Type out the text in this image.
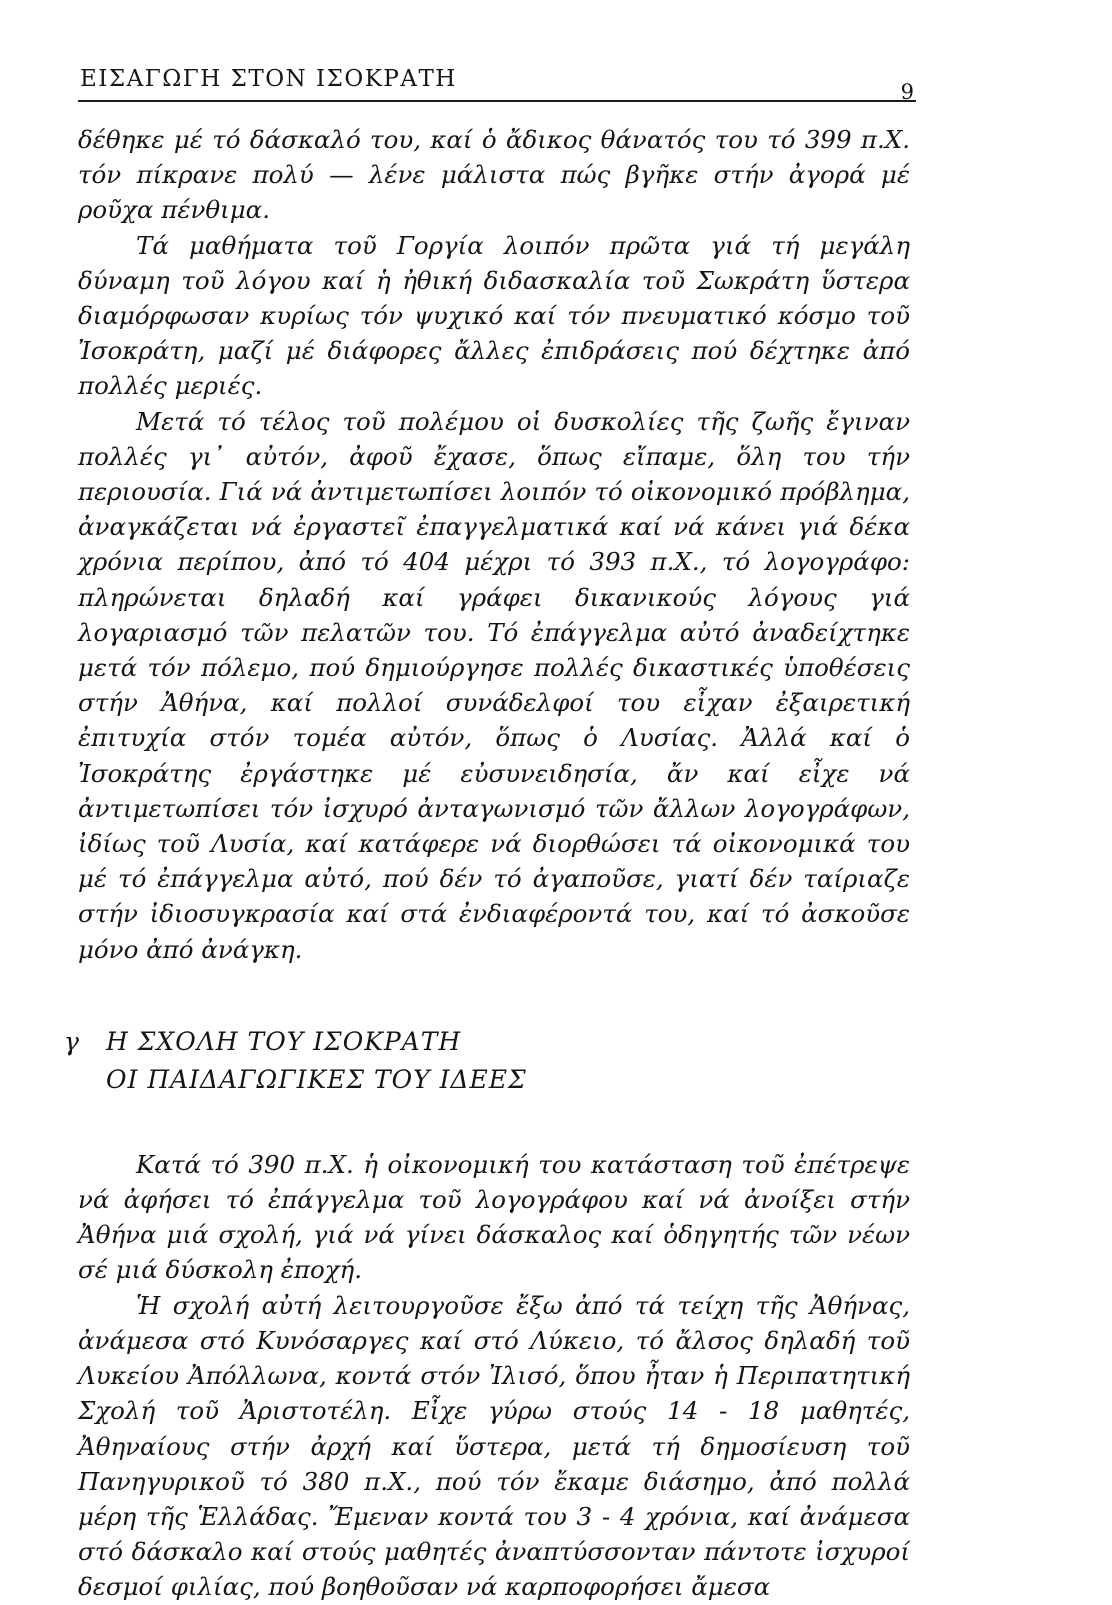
ΕΙΣΑΓΩΓΗ ΣΤΟΝ ΙΣΟΚΡΑΤΗ	9

δέθηκε μέ τό δάσκαλό του, καί ὁ ἄδικος θάνατός του τό 399 π.Χ. τόν πίκρανε πολύ — λένε μάλιστα πώς βγῆκε στήν ἀγορά μέ ροῦχα πένθιμα.

Τά μαθήματα τοῦ Γοργία λοιπόν πρῶτα γιά τή μεγάλη δύναμη τοῦ λόγου καί ἡ ἠθική διδασκαλία τοῦ Σωκράτη ὕστερα διαμόρφωσαν κυρίως τόν ψυχικό καί τόν πνευματικό κόσμο τοῦ Ἰσοκράτη, μαζί μέ διάφορες ἄλλες ἐπιδράσεις πού δέχτηκε ἀπό πολλές μεριές.

Μετά τό τέλος τοῦ πολέμου οἱ δυσκολίες τῆς ζωῆς ἔγιναν πολλές γι᾽ αὐτόν, ἀφοῦ ἔχασε, ὅπως εἴπαμε, ὅλη του τήν περιουσία. Γιά νά ἀντιμετωπίσει λοιπόν τό οἰκονομικό πρόβλημα, ἀναγκάζεται νά ἐργαστεῖ ἐπαγγελματικά καί νά κάνει γιά δέκα χρόνια περίπου, ἀπό τό 404 μέχρι τό 393 π.Χ., τό λογογράφο: πληρώνεται δηλαδή καί γράφει δικανικούς λόγους γιά λογαριασμό τῶν πελατῶν του. Τό ἐπάγγελμα αὐτό ἀναδείχτηκε μετά τόν πόλεμο, πού δημιούργησε πολλές δικαστικές ὑποθέσεις στήν Ἀθήνα, καί πολλοί συνάδελφοί του εἶχαν ἐξαιρετική ἐπιτυχία στόν τομέα αὐτόν, ὅπως ὁ Λυσίας. Ἀλλά καί ὁ Ἰσοκράτης ἐργάστηκε μέ εὐσυνειδησία, ἄν καί εἶχε νά ἀντιμετωπίσει τόν ἰσχυρό ἀνταγωνισμό τῶν ἄλλων λογογράφων, ἰδίως τοῦ Λυσία, καί κατάφερε νά διορθώσει τά οἰκονομικά του μέ τό ἐπάγγελμα αὐτό, πού δέν τό ἀγαποῦσε, γιατί δέν ταίριαζε στήν ἰδιοσυγκρασία καί στά ἐνδιαφέροντά του, καί τό ἀσκοῦσε μόνο ἀπό ἀνάγκη.

γ Η ΣΧΟΛΗ ΤΟΥ ΙΣΟΚΡΑΤΗ
ΟΙ ΠΑΙΔΑΓΩΓΙΚΕΣ ΤΟΥ ΙΔΕΕΣ

Κατά τό 390 π.Χ. ἡ οἰκονομική του κατάσταση τοῦ ἐπέτρεψε νά ἀφήσει τό ἐπάγγελμα τοῦ λογογράφου καί νά ἀνοίξει στήν Ἀθήνα μιά σχολή, γιά νά γίνει δάσκαλος καί ὁδηγητής τῶν νέων σέ μιά δύσκολη ἐποχή.

Ἡ σχολή αὐτή λειτουργοῦσε ἔξω ἀπό τά τείχη τῆς Ἀθήνας, ἀνάμεσα στό Κυνόσαργες καί στό Λύκειο, τό ἄλσος δηλαδή τοῦ Λυκείου Ἀπόλλωνα, κοντά στόν Ἰλισό, ὅπου ἦταν ἡ Περιπατητική Σχολή τοῦ Ἀριστοτέλη. Εἶχε γύρω στούς 14 - 18 μαθητές, Ἀθηναίους στήν ἀρχή καί ὕστερα, μετά τή δημοσίευση τοῦ Πανηγυρικοῦ τό 380 π.Χ., πού τόν ἔκαμε διάσημο, ἀπό πολλά μέρη τῆς Ἑλλάδας. Ἔμεναν κοντά του 3 - 4 χρόνια, καί ἀνάμεσα στό δάσκαλο καί στούς μαθητές ἀναπτύσσονταν πάντοτε ἰσχυροί δεσμοί φιλίας, πού βοηθοῦσαν νά καρποφορήσει ἄμεσα
